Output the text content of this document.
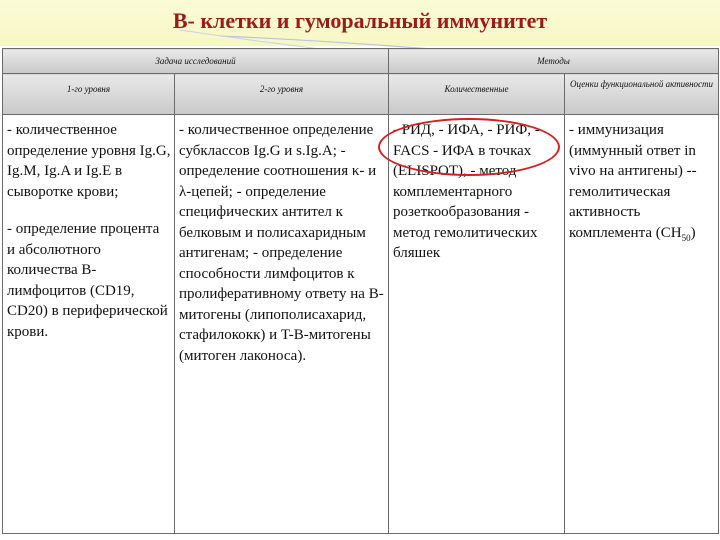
В- клетки и гуморальный иммунитет
Задача исследований		Методы	

1-го уровня	2-го уровня	Количественные	Оценки функциональной активности

- количественное определение уровня Ig.G, Ig.M, Ig.A и Ig.E в сыворотке крови;

- определение процента и абсолютного количества B-лимфоцитов (CD19, CD20) в периферической крови.	- количественное определение субклассов Ig.G и s.Ig.A; - определение соотношения κ- и λ-цепей; - определение специфических антител к белковым и полисахаридным антигенам; - определение способности лимфоцитов к пролиферативному ответу на B-митогены (липополисахарид, стафилококк) и T-B-митогены (митоген лаконоса).	- РИД, - ИФА, - РИФ, - FACS - ИФА в точках (ELISPOT), - метод комплементарного розеткообразования - метод гемолитических бляшек	- иммунизация (иммунный ответ in vivo на антигены) -- гемолитическая активность комплемента $(CH_{50})$
